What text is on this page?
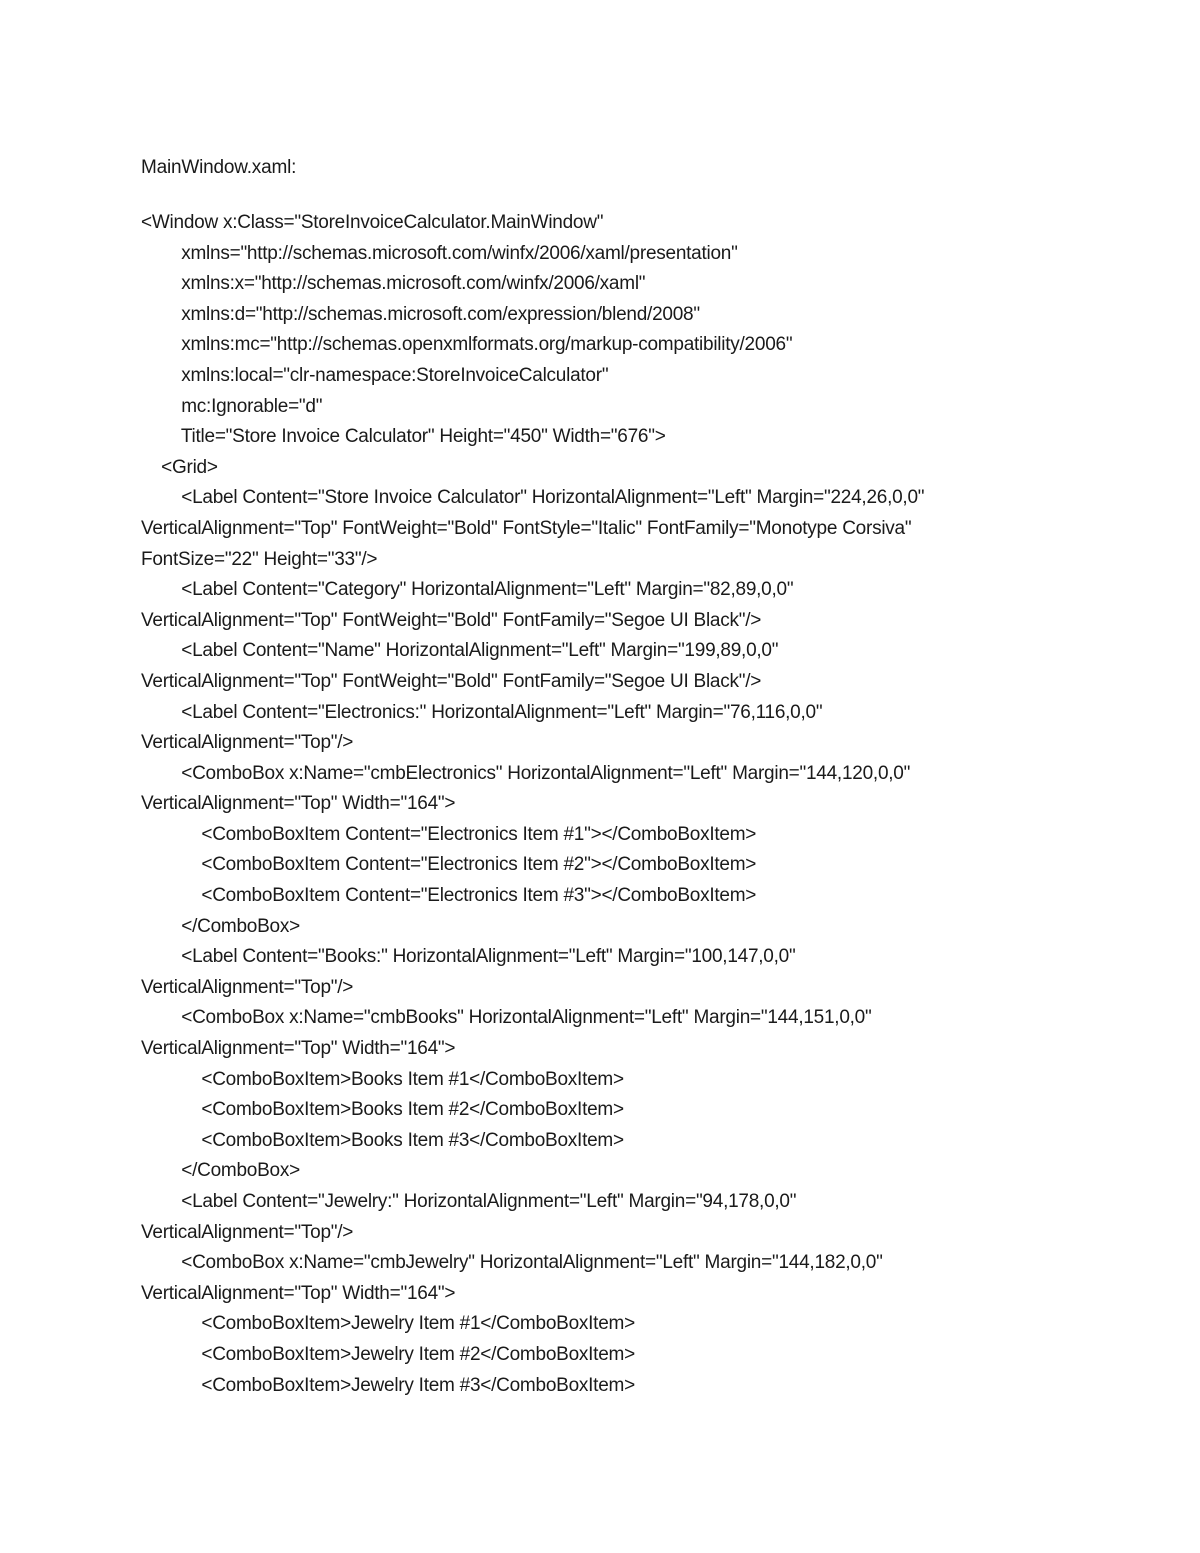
MainWindow.xaml:
<Window x:Class="StoreInvoiceCalculator.MainWindow"
xmlns="http://schemas.microsoft.com/winfx/2006/xaml/presentation"
xmlns:x="http://schemas.microsoft.com/winfx/2006/xaml"
xmlns:d="http://schemas.microsoft.com/expression/blend/2008"
xmlns:mc="http://schemas.openxmlformats.org/markup-compatibility/2006"
xmlns:local="clr-namespace:StoreInvoiceCalculator"
mc:Ignorable="d"
Title="Store Invoice Calculator" Height="450" Width="676">
<Grid>
<Label Content="Store Invoice Calculator" HorizontalAlignment="Left" Margin="224,26,0,0"
VerticalAlignment="Top" FontWeight="Bold" FontStyle="Italic" FontFamily="Monotype Corsiva"
FontSize="22" Height="33"/>
<Label Content="Category" HorizontalAlignment="Left" Margin="82,89,0,0"
VerticalAlignment="Top" FontWeight="Bold" FontFamily="Segoe UI Black"/>
<Label Content="Name" HorizontalAlignment="Left" Margin="199,89,0,0"
VerticalAlignment="Top" FontWeight="Bold" FontFamily="Segoe UI Black"/>
<Label Content="Electronics:" HorizontalAlignment="Left" Margin="76,116,0,0"
VerticalAlignment="Top"/>
<ComboBox x:Name="cmbElectronics" HorizontalAlignment="Left" Margin="144,120,0,0"
VerticalAlignment="Top" Width="164">
<ComboBoxItem Content="Electronics Item #1"></ComboBoxItem>
<ComboBoxItem Content="Electronics Item #2"></ComboBoxItem>
<ComboBoxItem Content="Electronics Item #3"></ComboBoxItem>
</ComboBox>
<Label Content="Books:" HorizontalAlignment="Left" Margin="100,147,0,0"
VerticalAlignment="Top"/>
<ComboBox x:Name="cmbBooks" HorizontalAlignment="Left" Margin="144,151,0,0"
VerticalAlignment="Top" Width="164">
<ComboBoxItem>Books Item #1</ComboBoxItem>
<ComboBoxItem>Books Item #2</ComboBoxItem>
<ComboBoxItem>Books Item #3</ComboBoxItem>
</ComboBox>
<Label Content="Jewelry:" HorizontalAlignment="Left" Margin="94,178,0,0"
VerticalAlignment="Top"/>
<ComboBox x:Name="cmbJewelry" HorizontalAlignment="Left" Margin="144,182,0,0"
VerticalAlignment="Top" Width="164">
<ComboBoxItem>Jewelry Item #1</ComboBoxItem>
<ComboBoxItem>Jewelry Item #2</ComboBoxItem>
<ComboBoxItem>Jewelry Item #3</ComboBoxItem>
